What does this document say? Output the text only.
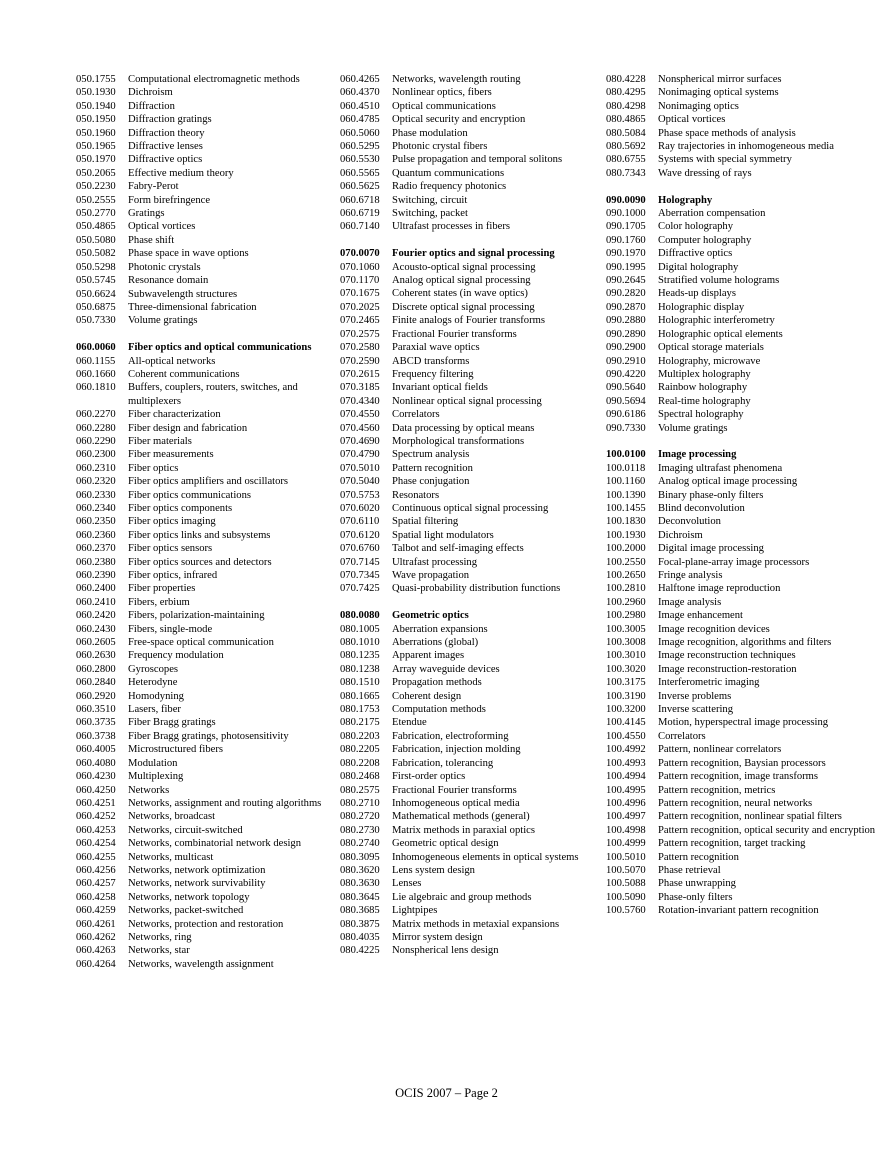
050.1755	Computational electromagnetic methods
050.1930	Dichroism
050.1940	Diffraction
050.1950	Diffraction gratings
050.1960	Diffraction theory
050.1965	Diffractive lenses
050.1970	Diffractive optics
050.2065	Effective medium theory
050.2230	Fabry-Perot
050.2555	Form birefringence
050.2770	Gratings
050.4865	Optical vortices
050.5080	Phase shift
050.5082	Phase space in wave options
050.5298	Photonic crystals
050.5745	Resonance domain
050.6624	Subwavelength structures
050.6875	Three-dimensional fabrication
050.7330	Volume gratings
060.0060	Fiber optics and optical communications
060.1155	All-optical networks
060.1660	Coherent communications
060.1810	Buffers, couplers, routers, switches, and multiplexers
060.2270	Fiber characterization
060.2280	Fiber design and fabrication
060.2290	Fiber materials
060.2300	Fiber measurements
060.2310	Fiber optics
060.2320	Fiber optics amplifiers and oscillators
060.2330	Fiber optics communications
060.2340	Fiber optics components
060.2350	Fiber optics imaging
060.2360	Fiber optics links and subsystems
060.2370	Fiber optics sensors
060.2380	Fiber optics sources and detectors
060.2390	Fiber optics, infrared
060.2400	Fiber properties
060.2410	Fibers, erbium
060.2420	Fibers, polarization-maintaining
060.2430	Fibers, single-mode
060.2605	Free-space optical communication
060.2630	Frequency modulation
060.2800	Gyroscopes
060.2840	Heterodyne
060.2920	Homodyning
060.3510	Lasers, fiber
060.3735	Fiber Bragg gratings
060.3738	Fiber Bragg gratings, photosensitivity
060.4005	Microstructured fibers
060.4080	Modulation
060.4230	Multiplexing
060.4250	Networks
060.4251	Networks, assignment and routing algorithms
060.4252	Networks, broadcast
060.4253	Networks, circuit-switched
060.4254	Networks, combinatorial network design
060.4255	Networks, multicast
060.4256	Networks, network optimization
060.4257	Networks, network survivability
060.4258	Networks, network topology
060.4259	Networks, packet-switched
060.4261	Networks, protection and restoration
060.4262	Networks, ring
060.4263	Networks, star
060.4264	Networks, wavelength assignment
060.4265	Networks, wavelength routing
060.4370	Nonlinear optics, fibers
060.4510	Optical communications
060.4785	Optical security and encryption
060.5060	Phase modulation
060.5295	Photonic crystal fibers
060.5530	Pulse propagation and temporal solitons
060.5565	Quantum communications
060.5625	Radio frequency photonics
060.6718	Switching, circuit
060.6719	Switching, packet
060.7140	Ultrafast processes in fibers
070.0070	Fourier optics and signal processing
070.1060	Acousto-optical signal processing
070.1170	Analog optical signal processing
070.1675	Coherent states (in wave optics)
070.2025	Discrete optical signal processing
070.2465	Finite analogs of Fourier transforms
070.2575	Fractional Fourier transforms
070.2580	Paraxial wave optics
070.2590	ABCD transforms
070.2615	Frequency filtering
070.3185	Invariant optical fields
070.4340	Nonlinear optical signal processing
070.4550	Correlators
070.4560	Data processing by optical means
070.4690	Morphological transformations
070.4790	Spectrum analysis
070.5010	Pattern recognition
070.5040	Phase conjugation
070.5753	Resonators
070.6020	Continuous optical signal processing
070.6110	Spatial filtering
070.6120	Spatial light modulators
070.6760	Talbot and self-imaging effects
070.7145	Ultrafast processing
070.7345	Wave propagation
070.7425	Quasi-probability distribution functions
080.0080	Geometric optics
080.1005	Aberration expansions
080.1010	Aberrations (global)
080.1235	Apparent images
080.1238	Array waveguide devices
080.1510	Propagation methods
080.1665	Coherent design
080.1753	Computation methods
080.2175	Etendue
080.2203	Fabrication, electroforming
080.2205	Fabrication, injection molding
080.2208	Fabrication, tolerancing
080.2468	First-order optics
080.2575	Fractional Fourier transforms
080.2710	Inhomogeneous optical media
080.2720	Mathematical methods (general)
080.2730	Matrix methods in paraxial optics
080.2740	Geometric optical design
080.3095	Inhomogeneous elements in optical systems
080.3620	Lens system design
080.3630	Lenses
080.3645	Lie algebraic and group methods
080.3685	Lightpipes
080.3875	Matrix methods in metaxial expansions
080.4035	Mirror system design
080.4225	Nonspherical lens design
080.4228	Nonspherical mirror surfaces
080.4295	Nonimaging optical systems
080.4298	Nonimaging optics
080.4865	Optical vortices
080.5084	Phase space methods of analysis
080.5692	Ray trajectories in inhomogeneous media
080.6755	Systems with special symmetry
080.7343	Wave dressing of rays
090.0090	Holography
090.1000	Aberration compensation
090.1705	Color holography
090.1760	Computer holography
090.1970	Diffractive optics
090.1995	Digital holography
090.2645	Stratified volume holograms
090.2820	Heads-up displays
090.2870	Holographic display
090.2880	Holographic interferometry
090.2890	Holographic optical elements
090.2900	Optical storage materials
090.2910	Holography, microwave
090.4220	Multiplex holography
090.5640	Rainbow holography
090.5694	Real-time holography
090.6186	Spectral holography
090.7330	Volume gratings
100.0100	Image processing
100.0118	Imaging ultrafast phenomena
100.1160	Analog optical image processing
100.1390	Binary phase-only filters
100.1455	Blind deconvolution
100.1830	Deconvolution
100.1930	Dichroism
100.2000	Digital image processing
100.2550	Focal-plane-array image processors
100.2650	Fringe analysis
100.2810	Halftone image reproduction
100.2960	Image analysis
100.2980	Image enhancement
100.3005	Image recognition devices
100.3008	Image recognition, algorithms and filters
100.3010	Image reconstruction techniques
100.3020	Image reconstruction-restoration
100.3175	Interferometric imaging
100.3190	Inverse problems
100.3200	Inverse scattering
100.4145	Motion, hyperspectral image processing
100.4550	Correlators
100.4992	Pattern, nonlinear correlators
100.4993	Pattern recognition, Baysian processors
100.4994	Pattern recognition, image transforms
100.4995	Pattern recognition, metrics
100.4996	Pattern recognition, neural networks
100.4997	Pattern recognition, nonlinear spatial filters
100.4998	Pattern recognition, optical security and encryption
100.4999	Pattern recognition, target tracking
100.5010	Pattern recognition
100.5070	Phase retrieval
100.5088	Phase unwrapping
100.5090	Phase-only filters
100.5760	Rotation-invariant pattern recognition
OCIS 2007 – Page 2
